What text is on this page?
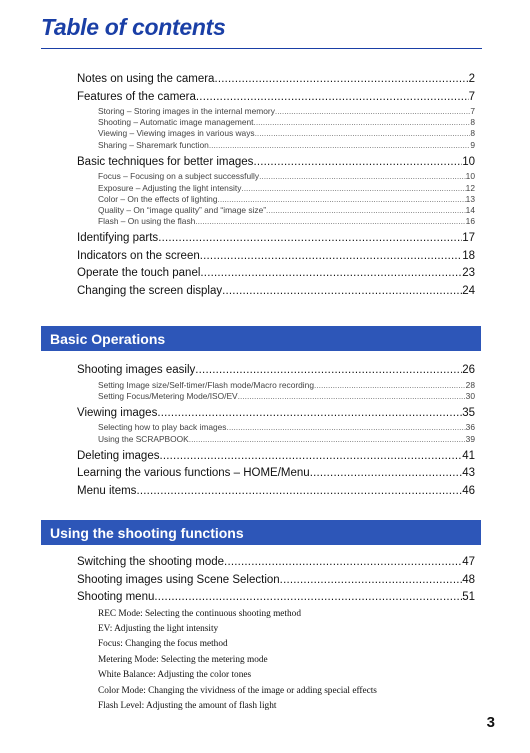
Table of contents
Notes on using the camera .....	2
Features of the camera .....	7
Storing – Storing images in the internal memory .....	7
Shooting – Automatic image management .....	8
Viewing – Viewing images in various ways .....	8
Sharing – Sharemark function .....	9
Basic techniques for better images .....	10
Focus – Focusing on a subject successfully .....	10
Exposure – Adjusting the light intensity .....	12
Color – On the effects of lighting .....	13
Quality – On “image quality” and “image size” .....	14
Flash – On using the flash .....	16
Identifying parts .....	17
Indicators on the screen .....	18
Operate the touch panel .....	23
Changing the screen display .....	24
Basic Operations
Shooting images easily .....	26
Setting Image size/Self-timer/Flash mode/Macro recording .....	28
Setting Focus/Metering Mode/ISO/EV .....	30
Viewing images .....	35
Selecting how to play back images .....	36
Using the SCRAPBOOK .....	39
Deleting images .....	41
Learning the various functions – HOME/Menu .....	43
Menu items .....	46
Using the shooting functions
Switching the shooting mode .....	47
Shooting images using Scene Selection .....	48
Shooting menu .....	51
REC Mode: Selecting the continuous shooting method
EV: Adjusting the light intensity
Focus: Changing the focus method
Metering Mode: Selecting the metering mode
White Balance: Adjusting the color tones
Color Mode: Changing the vividness of the image or adding special effects
Flash Level: Adjusting the amount of flash light
3
